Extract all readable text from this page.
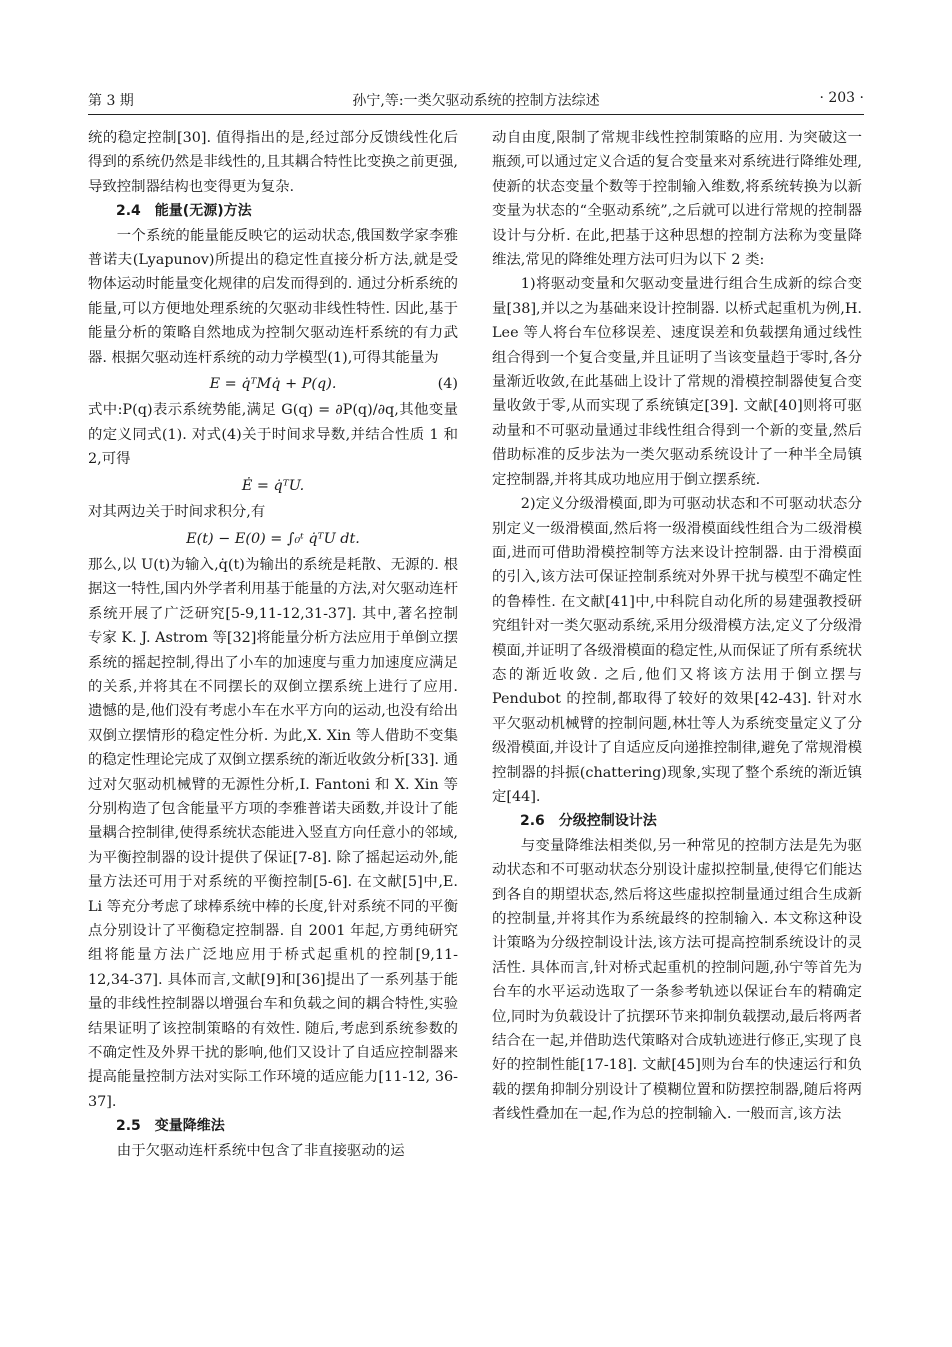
第 3 期	孙宁,等:一类欠驱动系统的控制方法综述	· 203 ·

统的稳定控制[30]. 值得指出的是,经过部分反馈线性化后得到的系统仍然是非线性的,且其耦合特性比变换之前更强,导致控制器结构也变得更为复杂.

2.4　能量(无源)方法

一个系统的能量能反映它的运动状态,俄国数学家李雅普诺夫(Lyapunov)所提出的稳定性直接分析方法,就是受物体运动时能量变化规律的启发而得到的. 通过分析系统的能量,可以方便地处理系统的欠驱动非线性特性. 因此,基于能量分析的策略自然地成为控制欠驱动连杆系统的有力武器. 根据欠驱动连杆系统的动力学模型(1),可得其能量为

E = q̇ᵀMq̇ + P(q).	(4)

式中:P(q)表示系统势能,满足 G(q) = ∂P(q)/∂q,其他变量的定义同式(1). 对式(4)关于时间求导数,并结合性质 1 和 2,可得

Ė = q̇ᵀU.

对其两边关于时间求积分,有

E(t) − E(0) = ∫₀ᵗ q̇ᵀU dt.

那么,以 U(t)为输入,q̇(t)为输出的系统是耗散、无源的. 根据这一特性,国内外学者利用基于能量的方法,对欠驱动连杆系统开展了广泛研究[5-9,11-12,31-37]. 其中,著名控制专家 K. J. Astrom 等[32]将能量分析方法应用于单倒立摆系统的摇起控制,得出了小车的加速度与重力加速度应满足的关系,并将其在不同摆长的双倒立摆系统上进行了应用. 遗憾的是,他们没有考虑小车在水平方向的运动,也没有给出双倒立摆情形的稳定性分析. 为此,X. Xin 等人借助不变集的稳定性理论完成了双倒立摆系统的渐近收敛分析[33]. 通过对欠驱动机械臂的无源性分析,I. Fantoni 和 X. Xin 等分别构造了包含能量平方项的李雅普诺夫函数,并设计了能量耦合控制律,使得系统状态能进入竖直方向任意小的邻域,为平衡控制器的设计提供了保证[7-8]. 除了摇起运动外,能量方法还可用于对系统的平衡控制[5-6]. 在文献[5]中,E. Li 等充分考虑了球棒系统中棒的长度,针对系统不同的平衡点分别设计了平衡稳定控制器. 自 2001 年起,方勇纯研究组将能量方法广泛地应用于桥式起重机的控制[9,11-12,34-37]. 具体而言,文献[9]和[36]提出了一系列基于能量的非线性控制器以增强台车和负载之间的耦合特性,实验结果证明了该控制策略的有效性. 随后,考虑到系统参数的不确定性及外界干扰的影响,他们又设计了自适应控制器来提高能量控制方法对实际工作环境的适应能力[11-12, 36-37].

2.5　变量降维法

由于欠驱动连杆系统中包含了非直接驱动的运

动自由度,限制了常规非线性控制策略的应用. 为突破这一瓶颈,可以通过定义合适的复合变量来对系统进行降维处理,使新的状态变量个数等于控制输入维数,将系统转换为以新变量为状态的“全驱动系统”,之后就可以进行常规的控制器设计与分析. 在此,把基于这种思想的控制方法称为变量降维法,常见的降维处理方法可归为以下 2 类:

1)将驱动变量和欠驱动变量进行组合生成新的综合变量[38],并以之为基础来设计控制器. 以桥式起重机为例,H. Lee 等人将台车位移误差、速度误差和负载摆角通过线性组合得到一个复合变量,并且证明了当该变量趋于零时,各分量渐近收敛,在此基础上设计了常规的滑模控制器使复合变量收敛于零,从而实现了系统镇定[39]. 文献[40]则将可驱动量和不可驱动量通过非线性组合得到一个新的变量,然后借助标准的反步法为一类欠驱动系统设计了一种半全局镇定控制器,并将其成功地应用于倒立摆系统.

2)定义分级滑模面,即为可驱动状态和不可驱动状态分别定义一级滑模面,然后将一级滑模面线性组合为二级滑模面,进而可借助滑模控制等方法来设计控制器. 由于滑模面的引入,该方法可保证控制系统对外界干扰与模型不确定性的鲁棒性. 在文献[41]中,中科院自动化所的易建强教授研究组针对一类欠驱动系统,采用分级滑模方法,定义了分级滑模面,并证明了各级滑模面的稳定性,从而保证了所有系统状态的渐近收敛. 之后,他们又将该方法用于倒立摆与 Pendubot 的控制,都取得了较好的效果[42-43]. 针对水平欠驱动机械臂的控制问题,林壮等人为系统变量定义了分级滑模面,并设计了自适应反向递推控制律,避免了常规滑模控制器的抖振(chattering)现象,实现了整个系统的渐近镇定[44].

2.6　分级控制设计法

与变量降维法相类似,另一种常见的控制方法是先为驱动状态和不可驱动状态分别设计虚拟控制量,使得它们能达到各自的期望状态,然后将这些虚拟控制量通过组合生成新的控制量,并将其作为系统最终的控制输入. 本文称这种设计策略为分级控制设计法,该方法可提高控制系统设计的灵活性. 具体而言,针对桥式起重机的控制问题,孙宁等首先为台车的水平运动选取了一条参考轨迹以保证台车的精确定位,同时为负载设计了抗摆环节来抑制负载摆动,最后将两者结合在一起,并借助迭代策略对合成轨迹进行修正,实现了良好的控制性能[17-18]. 文献[45]则为台车的快速运行和负载的摆角抑制分别设计了模糊位置和防摆控制器,随后将两者线性叠加在一起,作为总的控制输入. 一般而言,该方法
